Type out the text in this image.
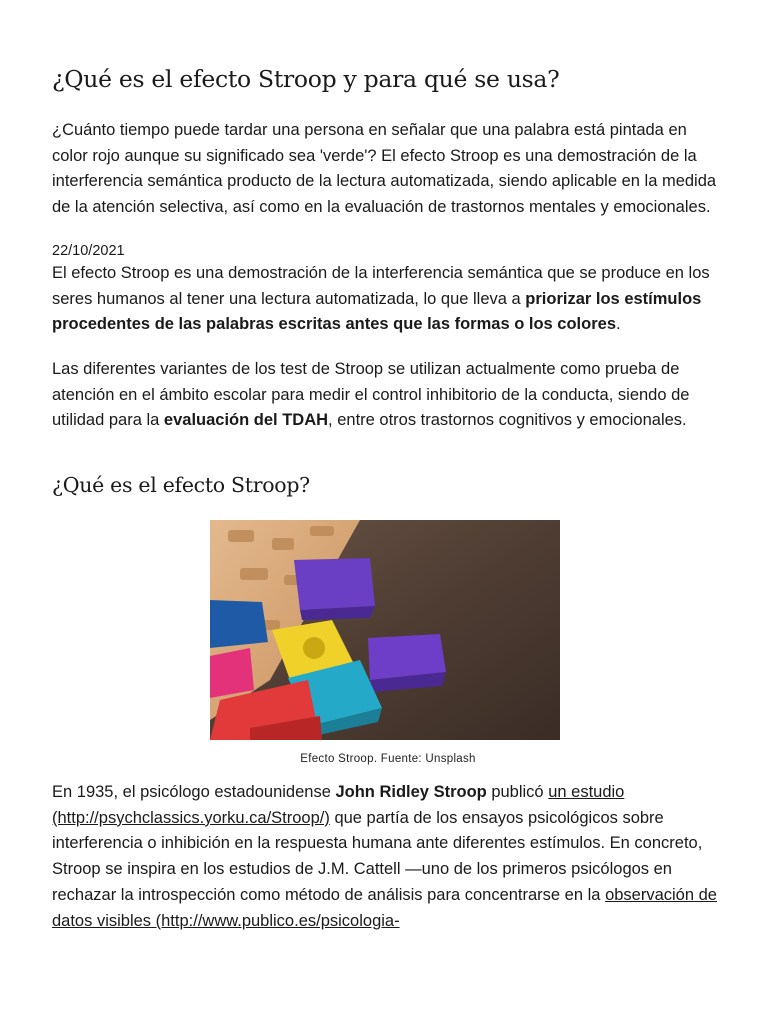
¿Qué es el efecto Stroop y para qué se usa?

¿Cuánto tiempo puede tardar una persona en señalar que una palabra está pintada en color rojo aunque su significado sea 'verde'? El efecto Stroop es una demostración de la interferencia semántica producto de la lectura automatizada, siendo aplicable en la medida de la atención selectiva, así como en la evaluación de trastornos mentales y emocionales.

22/10/2021

El efecto Stroop es una demostración de la interferencia semántica que se produce en los seres humanos al tener una lectura automatizada, lo que lleva a priorizar los estímulos procedentes de las palabras escritas antes que las formas o los colores.

Las diferentes variantes de los test de Stroop se utilizan actualmente como prueba de atención en el ámbito escolar para medir el control inhibitorio de la conducta, siendo de utilidad para la evaluación del TDAH, entre otros trastornos cognitivos y emocionales.

¿Qué es el efecto Stroop?
Efecto Stroop. Fuente: Unsplash

En 1935, el psicólogo estadounidense John Ridley Stroop publicó un estudio (http://psychclassics.yorku.ca/Stroop/) que partía de los ensayos psicológicos sobre interferencia o inhibición en la respuesta humana ante diferentes estímulos. En concreto, Stroop se inspira en los estudios de J.M. Cattell —uno de los primeros psicólogos en rechazar la introspección como método de análisis para concentrarse en la observación de datos visibles (http://www.publico.es/psicologia-
